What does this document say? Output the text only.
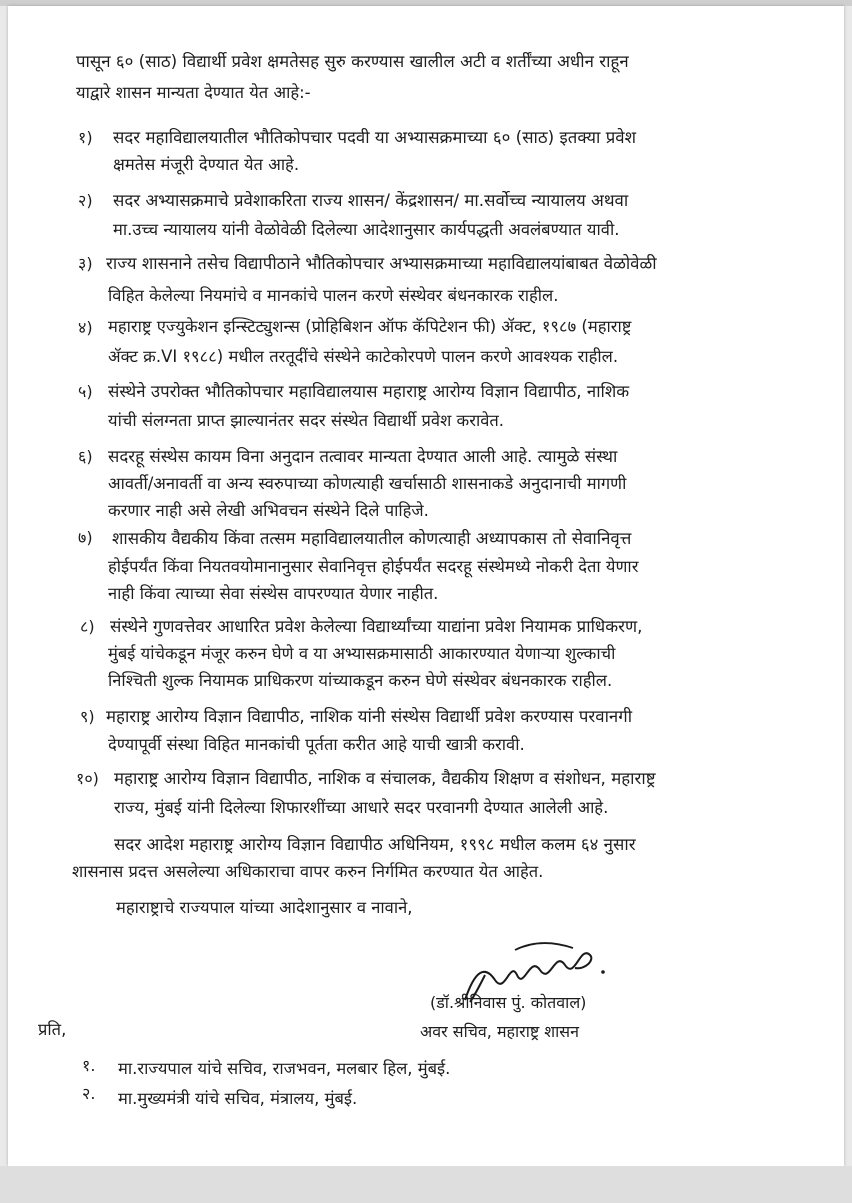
पासून ६० (साठ) विद्यार्थी प्रवेश क्षमतेसह सुरु करण्यास खालील अटी व शर्तींच्या अधीन राहून
याद्वारे शासन मान्यता देण्यात येत आहे:-
१) सदर महाविद्यालयातील भौतिकोपचार पदवी या अभ्यासक्रमाच्या ६० (साठ) इतक्या प्रवेश
क्षमतेस मंजूरी देण्यात येत आहे.
२) सदर अभ्यासक्रमाचे प्रवेशाकरिता राज्य शासन/ केंद्रशासन/ मा.सर्वोच्च न्यायालय अथवा
मा.उच्च न्यायालय यांनी वेळोवेळी दिलेल्या आदेशानुसार कार्यपद्धती अवलंबण्यात यावी.
३) राज्य शासनाने तसेच विद्यापीठाने भौतिकोपचार अभ्यासक्रमाच्या महाविद्यालयांबाबत वेळोवेळी
विहित केलेल्या नियमांचे व मानकांचे पालन करणे संस्थेवर बंधनकारक राहील.
४) महाराष्ट्र एज्युकेशन इन्स्टिट्युशन्स (प्रोहिबिशन ऑफ कॅपिटेशन फी) ॲक्ट, १९८७ (महाराष्ट्र
ॲक्ट क्र.VI १९८८) मधील तरतूदींचे संस्थेने काटेकोरपणे पालन करणे आवश्यक राहील.
५) संस्थेने उपरोक्त भौतिकोपचार महाविद्यालयास महाराष्ट्र आरोग्य विज्ञान विद्यापीठ, नाशिक
यांची संलग्नता प्राप्त झाल्यानंतर सदर संस्थेत विद्यार्थी प्रवेश करावेत.
६) सदरहू संस्थेस कायम विना अनुदान तत्वावर मान्यता देण्यात आली आहे. त्यामुळे संस्था
आवर्ती/अनावर्ती वा अन्य स्वरुपाच्या कोणत्याही खर्चासाठी शासनाकडे अनुदानाची मागणी
करणार नाही असे लेखी अभिवचन संस्थेने दिले पाहिजे.
७) शासकीय वैद्यकीय किंवा तत्सम महाविद्यालयातील कोणत्याही अध्यापकास तो सेवानिवृत्त
होईपर्यंत किंवा नियतवयोमानानुसार सेवानिवृत्त होईपर्यंत सदरहू संस्थेमध्ये नोकरी देता येणार
नाही किंवा त्याच्या सेवा संस्थेस वापरण्यात येणार नाहीत.
८) संस्थेने गुणवत्तेवर आधारित प्रवेश केलेल्या विद्यार्थ्यांच्या याद्यांना प्रवेश नियामक प्राधिकरण,
मुंबई यांचेकडून मंजूर करुन घेणे व या अभ्यासक्रमासाठी आकारण्यात येणाऱ्या शुल्काची
निश्चिती शुल्क नियामक प्राधिकरण यांच्याकडून करुन घेणे संस्थेवर बंधनकारक राहील.
९) महाराष्ट्र आरोग्य विज्ञान विद्यापीठ, नाशिक यांनी संस्थेस विद्यार्थी प्रवेश करण्यास परवानगी
देण्यापूर्वी संस्था विहित मानकांची पूर्तता करीत आहे याची खात्री करावी.
१०) महाराष्ट्र आरोग्य विज्ञान विद्यापीठ, नाशिक व संचालक, वैद्यकीय शिक्षण व संशोधन, महाराष्ट्र
राज्य, मुंबई यांनी दिलेल्या शिफारशींच्या आधारे सदर परवानगी देण्यात आलेली आहे.
सदर आदेश महाराष्ट्र आरोग्य विज्ञान विद्यापीठ अधिनियम, १९९८ मधील कलम ६४ नुसार
शासनास प्रदत्त असलेल्या अधिकाराचा वापर करुन निर्गमित करण्यात येत आहेत.
महाराष्ट्राचे राज्यपाल यांच्या आदेशानुसार व नावाने,
(डॉ.श्रीनिवास पुं. कोतवाल)
अवर सचिव, महाराष्ट्र शासन
प्रति,
१. मा.राज्यपाल यांचे सचिव, राजभवन, मलबार हिल, मुंबई.
२. मा.मुख्यमंत्री यांचे सचिव, मंत्रालय, मुंबई.
